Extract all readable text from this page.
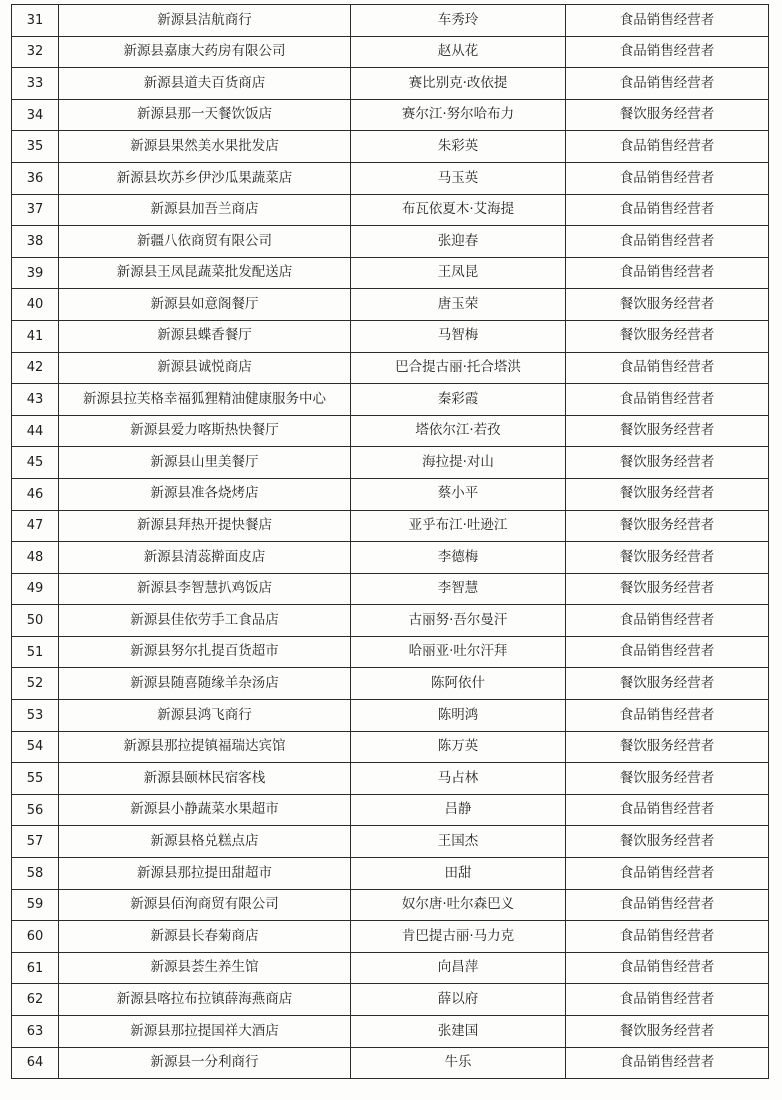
31	新源县洁航商行	车秀玲	食品销售经营者
32	新源县嘉康大药房有限公司	赵从花	食品销售经营者
33	新源县道夫百货商店	赛比别克·改依提	食品销售经营者
34	新源县那一天餐饮饭店	赛尔江·努尔哈布力	餐饮服务经营者
35	新源县果然美水果批发店	朱彩英	食品销售经营者
36	新源县坎苏乡伊沙瓜果蔬菜店	马玉英	食品销售经营者
37	新源县加吾兰商店	布瓦依夏木·艾海提	食品销售经营者
38	新疆八依商贸有限公司	张迎春	食品销售经营者
39	新源县王凤昆蔬菜批发配送店	王凤昆	食品销售经营者
40	新源县如意阁餐厅	唐玉荣	餐饮服务经营者
41	新源县蝶香餐厅	马智梅	餐饮服务经营者
42	新源县诚悦商店	巴合提古丽·托合塔洪	食品销售经营者
43	新源县拉芙格幸福狐狸精油健康服务中心	秦彩霞	食品销售经营者
44	新源县爱力喀斯热快餐厅	塔依尔江·若孜	餐饮服务经营者
45	新源县山里美餐厅	海拉提·对山	餐饮服务经营者
46	新源县准各烧烤店	蔡小平	餐饮服务经营者
47	新源县拜热开提快餐店	亚乎布江·吐逊江	餐饮服务经营者
48	新源县清蕊擀面皮店	李德梅	餐饮服务经营者
49	新源县李智慧扒鸡饭店	李智慧	餐饮服务经营者
50	新源县佳依劳手工食品店	古丽努·吾尔曼汗	食品销售经营者
51	新源县努尔扎提百货超市	哈丽亚·吐尔汗拜	食品销售经营者
52	新源县随喜随缘羊杂汤店	陈阿依什	餐饮服务经营者
53	新源县鸿飞商行	陈明鸿	食品销售经营者
54	新源县那拉提镇福瑞达宾馆	陈万英	餐饮服务经营者
55	新源县颐林民宿客栈	马占林	餐饮服务经营者
56	新源县小静蔬菜水果超市	吕静	食品销售经营者
57	新源县格兑糕点店	王国杰	餐饮服务经营者
58	新源县那拉提田甜超市	田甜	食品销售经营者
59	新源县佰洵商贸有限公司	奴尔唐·吐尔森巴义	食品销售经营者
60	新源县长春菊商店	肯巴提古丽·马力克	食品销售经营者
61	新源县荟生养生馆	向昌萍	食品销售经营者
62	新源县喀拉布拉镇薛海燕商店	薛以府	食品销售经营者
63	新源县那拉提国祥大酒店	张建国	餐饮服务经营者
64	新源县一分利商行	牛乐	食品销售经营者
